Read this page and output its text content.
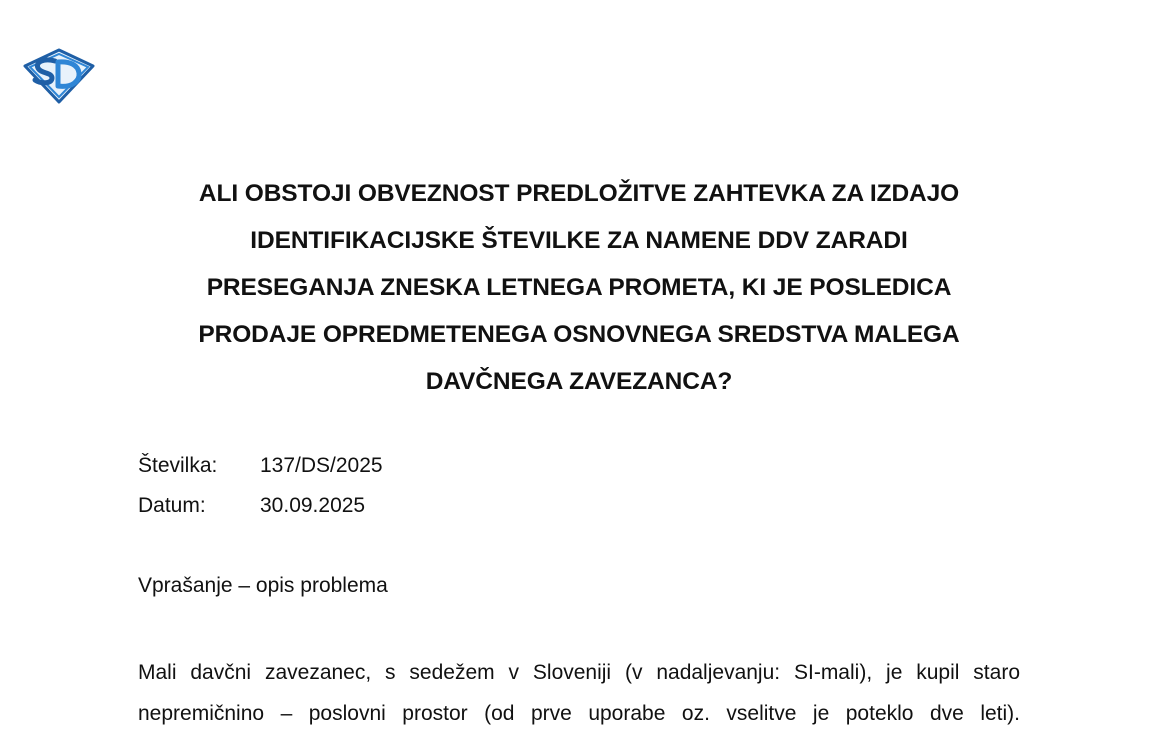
ALI OBSTOJI OBVEZNOST PREDLOŽITVE ZAHTEVKA ZA IZDAJO
IDENTIFIKACIJSKE ŠTEVILKE ZA NAMENE DDV ZARADI
PRESEGANJA ZNESKA LETNEGA PROMETA, KI JE POSLEDICA
PRODAJE OPREDMETENEGA OSNOVNEGA SREDSTVA MALEGA
DAVČNEGA ZAVEZANCA?
Številka: 137/DS/2025
Datum:	30.09.2025
Vprašanje – opis problema
Mali davčni zavezanec, s sedežem v Sloveniji (v nadaljevanju: SI-mali), je kupil staro
nepremičnino – poslovni prostor (od prve uporabe oz. vselitve je poteklo dve leti).
